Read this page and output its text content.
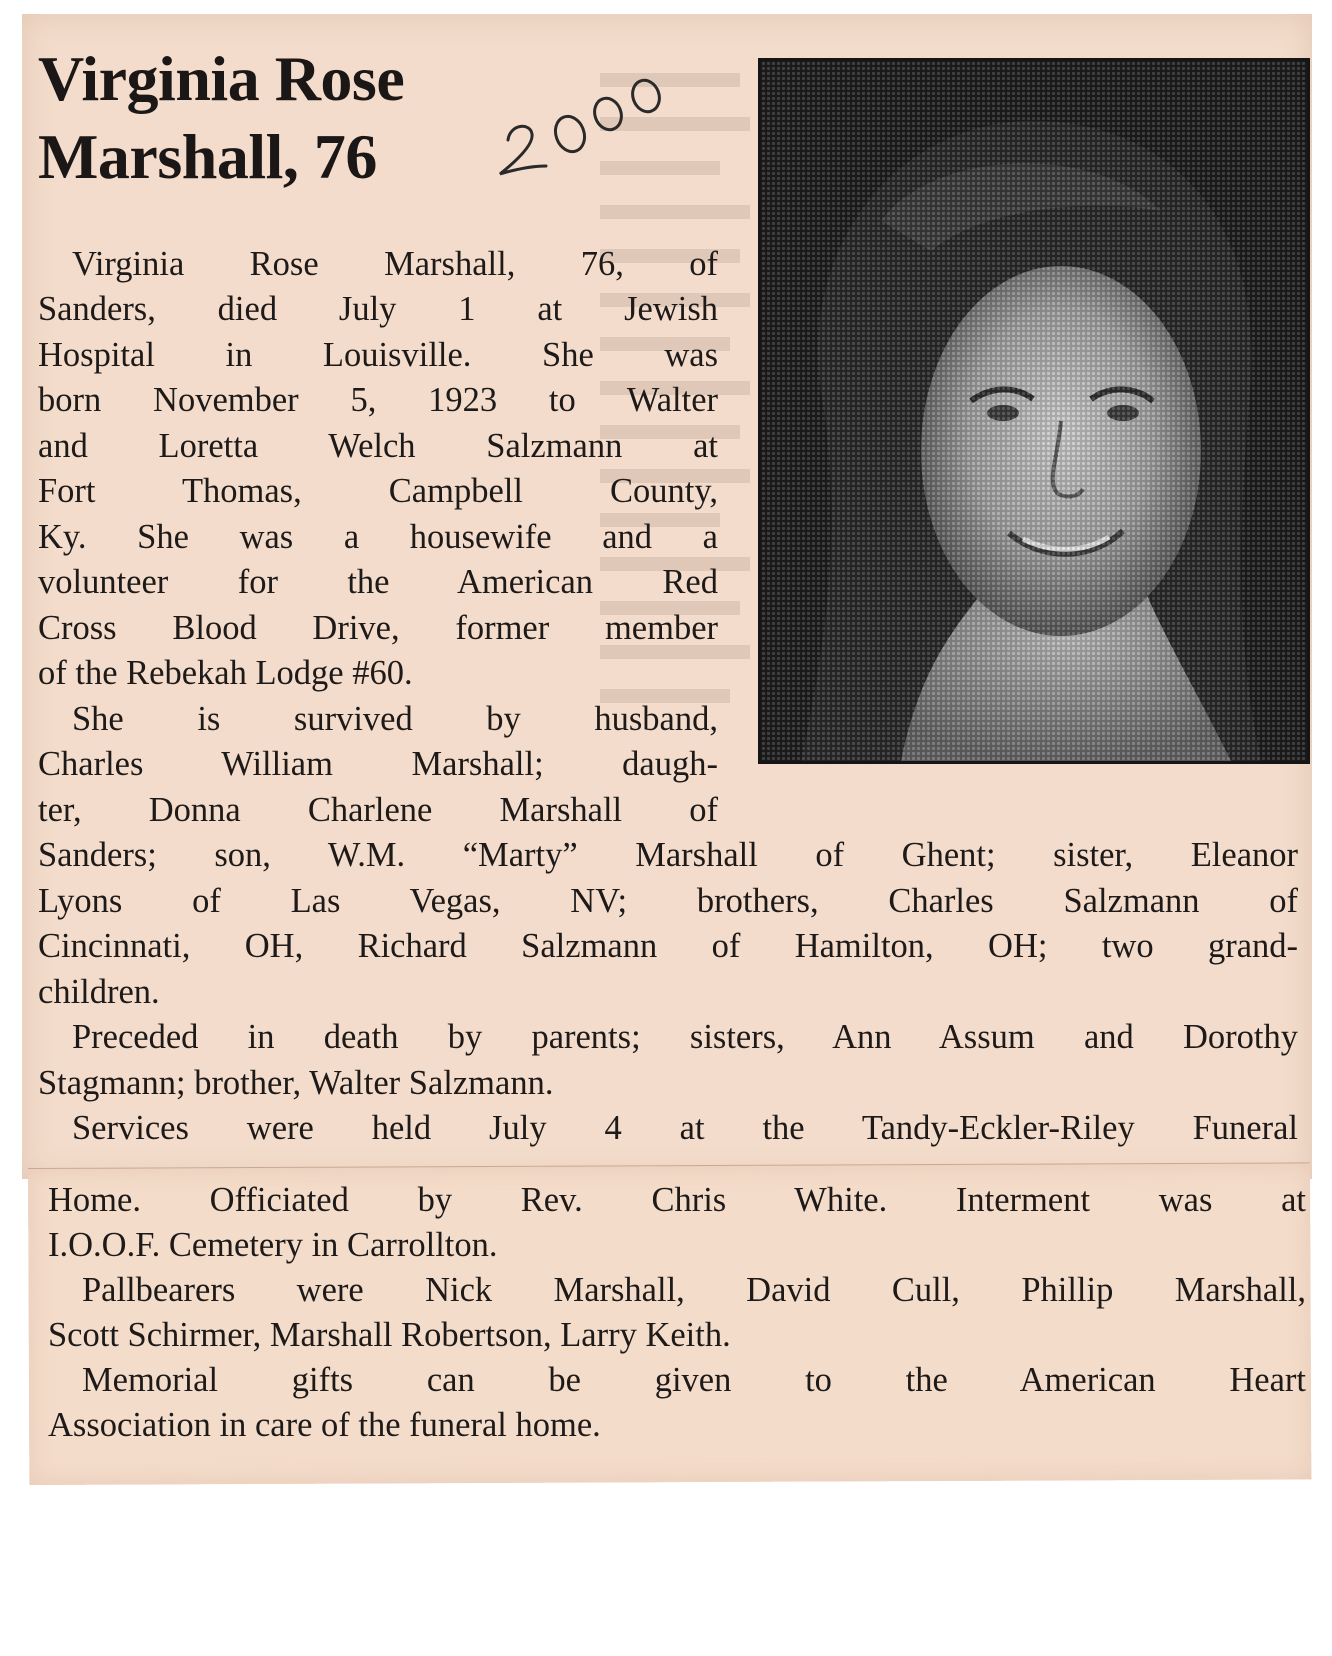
Virginia Rose Marshall, 76

Virginia Rose Marshall, 76, of

Sanders, died July 1 at Jewish

Hospital in Louisville. She was

born November 5, 1923 to Walter

and Loretta Welch Salzmann at

Fort Thomas, Campbell County,

Ky. She was a housewife and a

volunteer for the American Red

Cross Blood Drive, former member

of the Rebekah Lodge #60.

She is survived by husband,

Charles William Marshall; daugh-

ter, Donna Charlene Marshall of

Sanders; son, W.M. “Marty” Marshall of Ghent; sister, Eleanor

Lyons of Las Vegas, NV; brothers, Charles Salzmann of

Cincinnati, OH, Richard Salzmann of Hamilton, OH; two grand-

children.

Preceded in death by parents; sisters, Ann Assum and Dorothy

Stagmann; brother, Walter Salzmann.

Services were held July 4 at the Tandy-Eckler-Riley Funeral

Home. Officiated by Rev. Chris White. Interment was at

I.O.O.F. Cemetery in Carrollton.

Pallbearers were Nick Marshall, David Cull, Phillip Marshall,

Scott Schirmer, Marshall Robertson, Larry Keith.

Memorial gifts can be given to the American Heart

Association in care of the funeral home.
